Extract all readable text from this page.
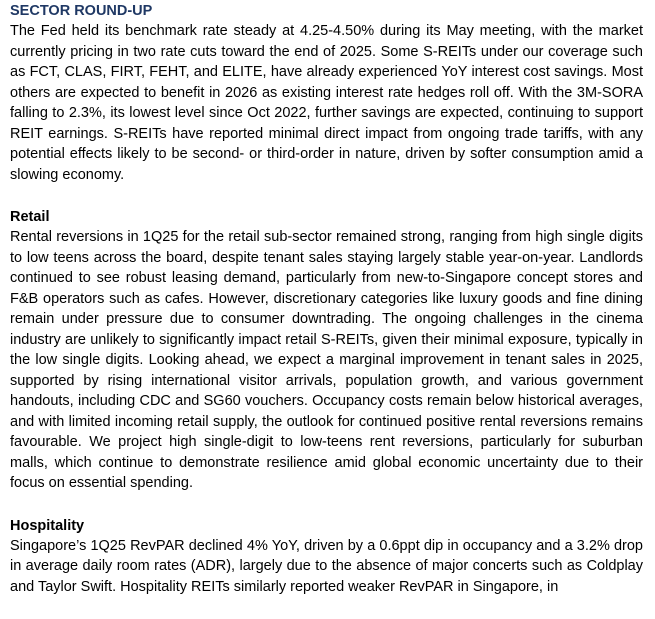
SECTOR ROUND-UP

The Fed held its benchmark rate steady at 4.25-4.50% during its May meeting, with the market currently pricing in two rate cuts toward the end of 2025. Some S-REITs under our coverage such as FCT, CLAS, FIRT, FEHT, and ELITE, have already experienced YoY interest cost savings. Most others are expected to benefit in 2026 as existing interest rate hedges roll off. With the 3M-SORA falling to 2.3%, its lowest level since Oct 2022, further savings are expected, continuing to support REIT earnings. S-REITs have reported minimal direct impact from ongoing trade tariffs, with any potential effects likely to be second- or third-order in nature, driven by softer consumption amid a slowing economy.

Retail

Rental reversions in 1Q25 for the retail sub-sector remained strong, ranging from high single digits to low teens across the board, despite tenant sales staying largely stable year-on-year. Landlords continued to see robust leasing demand, particularly from new-to-Singapore concept stores and F&B operators such as cafes. However, discretionary categories like luxury goods and fine dining remain under pressure due to consumer downtrading. The ongoing challenges in the cinema industry are unlikely to significantly impact retail S-REITs, given their minimal exposure, typically in the low single digits. Looking ahead, we expect a marginal improvement in tenant sales in 2025, supported by rising international visitor arrivals, population growth, and various government handouts, including CDC and SG60 vouchers. Occupancy costs remain below historical averages, and with limited incoming retail supply, the outlook for continued positive rental reversions remains favourable. We project high single-digit to low-teens rent reversions, particularly for suburban malls, which continue to demonstrate resilience amid global economic uncertainty due to their focus on essential spending.

Hospitality

Singapore’s 1Q25 RevPAR declined 4% YoY, driven by a 0.6ppt dip in occupancy and a 3.2% drop in average daily room rates (ADR), largely due to the absence of major concerts such as Coldplay and Taylor Swift. Hospitality REITs similarly reported weaker RevPAR in Singapore, in
